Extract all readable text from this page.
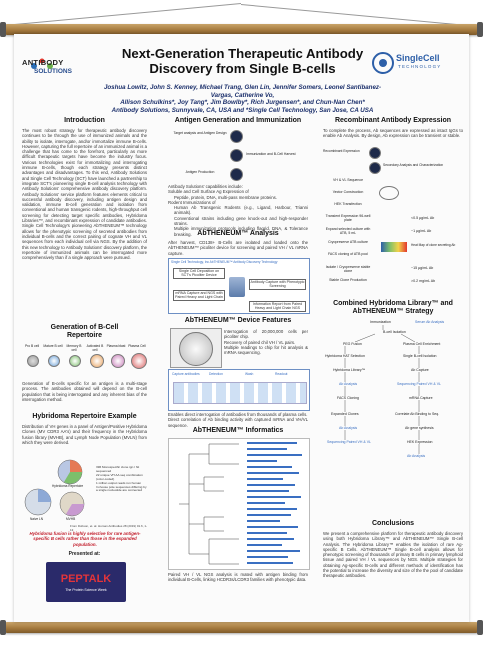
ANTIBODY
SOLUTIONS
SingleCell
TECHNOLOGY
Next-Generation Therapeutic Antibody Discovery from Single B-cells
Joshua Lowitz, John S. Kenney, Michael Trang, Glen Lin, Jennifer Somers, Leonel Santibanez-Vargas, Catherine Vo,
Allison Schulkins*, Joy Tang*, Jim Bowlby*, Rich Jurgensen*, and Chun-Nan Chen*
Antibody Solutions, Sunnyvale, CA, USA and *Single Cell Technology, San Jose, CA USA
Introduction
The most robust strategy for therapeutic antibody discovery continues to be through the use of immunized animals and the ability to isolate, interrogate, and/or immortalize immune B-cells. However, capturing the full repertoire of an immunized animal is a challenge that has come to the forefront, particularly as more difficult therapeutic targets have become the industry focus. Various technologies exist for immortalizing and interrogating immune B-cells, though each strategy presents distinct advantages and disadvantages. To this end, Antibody Solutions and Single Cell Technology (SCT) have launched a partnership to integrate SCT's pioneering single B-cell analysis technology with Antibody Solutions' comprehensive antibody discovery platform. Antibody Solutions' service platform features elements critical to successful antibody discovery, including antigen design and validation, immune B-cell generation and isolation from conventional and human transgenic rodents, high-throughput cell screening for detecting target specific antibodies, Hybridoma Libraries™, and recombinant expression of candidate antibodies. Single Cell Technology's pioneering AbTHENEUM™ technology allows for the phenotypic screening of secreted antibodies from individual B-cells and the correct pairing of cognate VH and VL sequences from each individual cell via NGS. By the addition of this new technology to Antibody Solutions' discovery platform, the repertoire of immunized animals can be interrogated more comprehensively than if a single approach were pursued.
Generation of B-Cell
Repertoire
Pro B cell	Mature B cell	Memory B cell
Activated B cell
Plasma blast Plasma Cell
Generation of B-cells specific for an antigen is a multi-stage process. The antibodies obtained will depend on the B-cell population that is being interrogated and any inherent bias of the interrogation method.
Hybridoma Repertoire Example
Distribution of VH genes in a panel of Antigen/Positive Hybridoma Clones (MV CDR3 AA's) and their frequency in the Hybridoma fusion library (MVHB), and Lymph Node Population (MVLN) from which they were derived.
Hybridoma Repertoire
MVHB
Naive LN
396 Monospecific clone ign / hit sequenced
22 unique VH AA seq combination (color-coded)
1 million output reads run human
In-house pole sequences differing by a single nucleotide are connected
From Dobson, et. al. Human Antibodies 28 (2019) 01.6, 1-13
Hybridoma fusion is highly selective for rare antigen-specific B cells rather than those in the expanded population.
Presented at:
PEPTALK
The Protein Science Week
Antigen Generation and Immunization
Target analysis and Antigen Design
Immunization and B-Cell Harvest
Antigen Production
Antibody Solutions' capabilities include:
Soluble and Cell Surface Ag Expression of
Peptide, protein, DNA, multi-pass membrane proteins.
Rodent Immunizations of
Human Ab Transgenic Rodents (e.g., Ligand, Harbour, Trianni animals).
Conventional strains including gene knock-out and high-responder strains.
Multiple immunization protocols including flagrid, DNA, & Tolerance breaking. AbTHENEUM™ Analysis
After harvest, CD138+ B-Cells are isolated and loaded onto the AbTHENEUM™ picoliter device for screening and paired VH / VL mRNA capture.
Single Cell Technology, Inc AbTHENEUM™ Antibody Discovery Technology
Single Cell Deposition on SCT's Picoliter Device
Antibody Capture with Phenotypic Screening
mRNA Capture and NGS with Paired Heavy and Light Chain
Information Report from Paired Heavy and Light Chain NGS
AbTHENEUM™ Device Features
Interrogation of 20,000,000 cells per picoliter chip.
Recovery of paired chil VH / VL pairs.
Multiple readings to chip for hit analysis & mRNA sequencing.
Capture antibodies	Detection	Wash	Readout
Enables direct interrogation of antibodies from thousands of plasma cells.
Direct correlation of Ab binding activity with captured mRNA and VH/VL sequence.
AbTHENEUM™ Informatics
Paired VH / VL NGS analysis is mated with antigen binding from individual B-Cells, linking HCDR3s/LCDR3 families with phenotypic data.
Recombinant Antibody Expression
To complete the process, Ab sequences are expressed as intact IgGs to enable Ab Analysis. By design, Ab expression can be transient or stable.
Recombinant Expression
Secondary Analysis and Characterization
VH & VL Sequence
Vector Construction
HEK Transfection
Transient Expression 96-well plate
Expand selected culture with ATB, 5 mL
Cryopreserve ATB culture
FACS cloning of ATB pool
Isolate / Cryopreserve stable clone
Stable Clone Production
<0.5 µg/mL Ab
~1 µg/mL Ab
Heat Map of clone secreting Ab
~15 µg/mL Ab
>0.2 mg/mL Ab
Combined Hybridoma Library™ and
AbTHENEUM™ Strategy
Immunization	Serum Ab Analysis
B-cell Isolation
PEG Fusion	Plasma Cell Enrichment
Hybridoma HAT Selection	Single B-cell Isolation
Hybridoma Library™	Ab Capture
Ab Analysis	Sequencing Paired VH & VL
FACS Cloning	mRNA Capture
Expanded Clones	Correlate Ab Binding to Seq.
Ab Analysis	Ab gene synthesis
Sequencing Paired VH & VL	HEK Expression
Ab Analysis
Conclusions
We present a comprehensive platform for therapeutic antibody discovery using both Hybridoma Library™ and AbTHENEUM™ Single B-cell Analysis. The Hybridoma Library™ enables the isolation of rare Ag-specific B Cells. AbTHENEUM™ Single B-cell analysis allows for phenotypic screening of thousands of primary B cells in primary lymphoid tissue and paired VH / VL sequences by NGS. Multiple strategies for obtaining Ag-specific B-cells and different methods of identification has the potential to increase the diversity and size of the the pool of candidate therapeutic antibodies.
